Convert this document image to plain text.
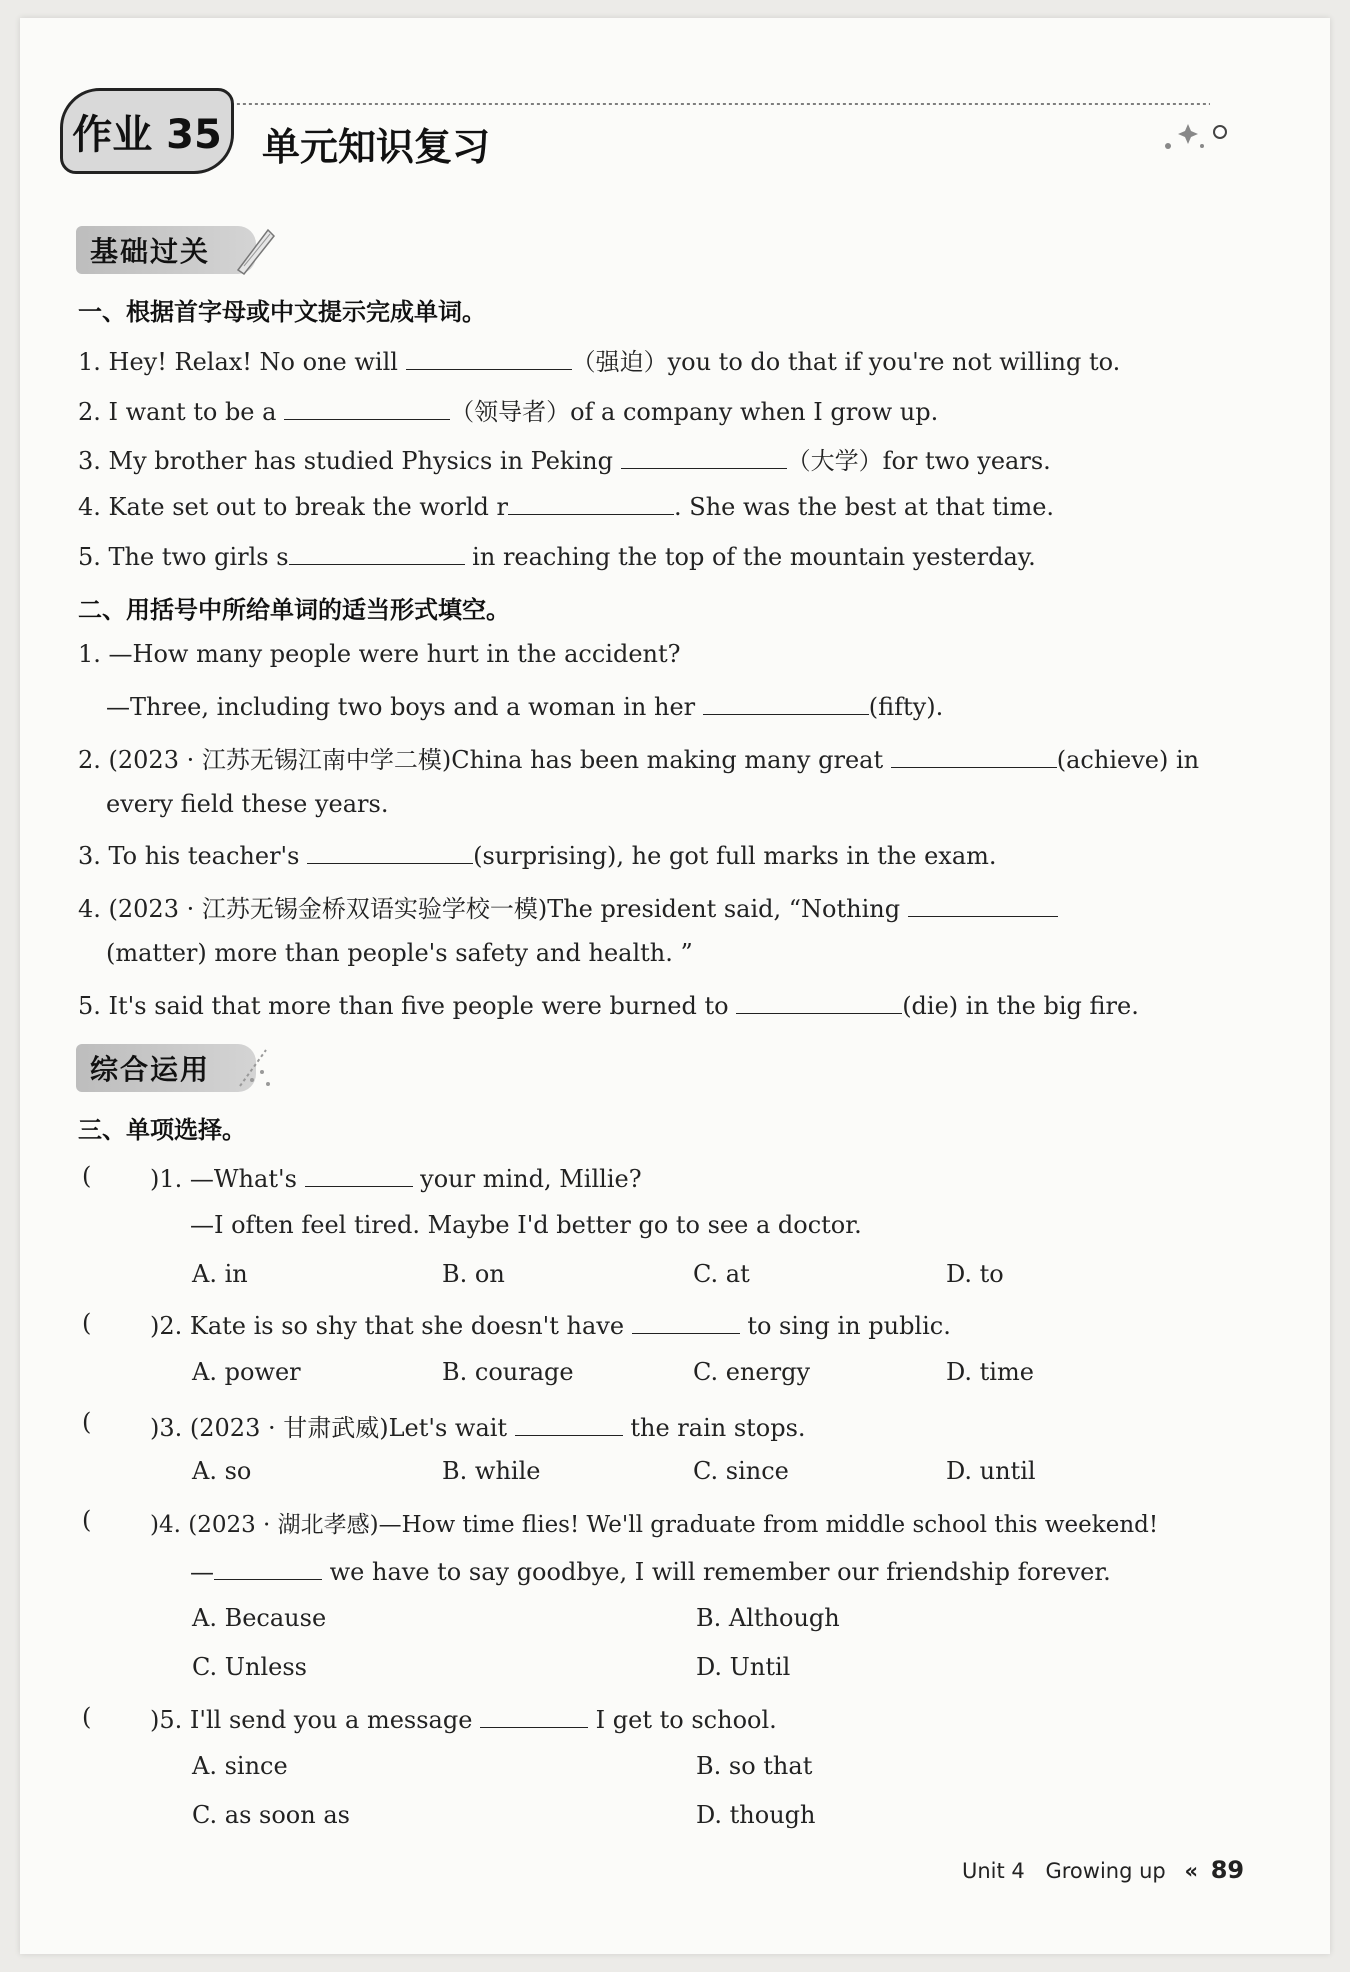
作业 35	单元知识复习
基础过关
一、根据首字母或中文提示完成单词。
1. Hey! Relax! No one will	（强迫）you to do that if you're not willing to.
2. I want to be a	（领导者）of a company when I grow up.
3. My brother has studied Physics in Peking	（大学）for two years.
4. Kate set out to break the world r	. She was the best at that time.
5. The two girls s	in reaching the top of the mountain yesterday.
二、用括号中所给单词的适当形式填空。
1. —How many people were hurt in the accident?
—Three, including two boys and a woman in her	(fifty).
2. (2023 · 江苏无锡江南中学二模)China has been making many great	(achieve) in
every field these years.
3. To his teacher's	(surprising), he got full marks in the exam.
4. (2023 · 江苏无锡金桥双语实验学校一模)The president said, “Nothing
(matter) more than people's safety and health. ”
5. It's said that more than five people were burned to	(die) in the big fire.
综合运用
三、单项选择。
( )1. —What's	your mind, Millie?
—I often feel tired. Maybe I'd better go to see a doctor.
A. in	B. on	C. at	D. to
( )2. Kate is so shy that she doesn't have	to sing in public.
A. power	B. courage	C. energy	D. time
( )3. (2023 · 甘肃武威)Let's wait	the rain stops.
A. so	B. while	C. since	D. until
(	)4. (2023 · 湖北孝感)—How time flies! We'll graduate from middle school this weekend!
—	we have to say goodbye, I will remember our friendship forever.
A. Because	B. Although
C. Unless	D. Until
( )5. I'll send you a message	I get to school.
A. since	B. so that
C. as soon as	D. though
Unit 4 Growing up « 89
